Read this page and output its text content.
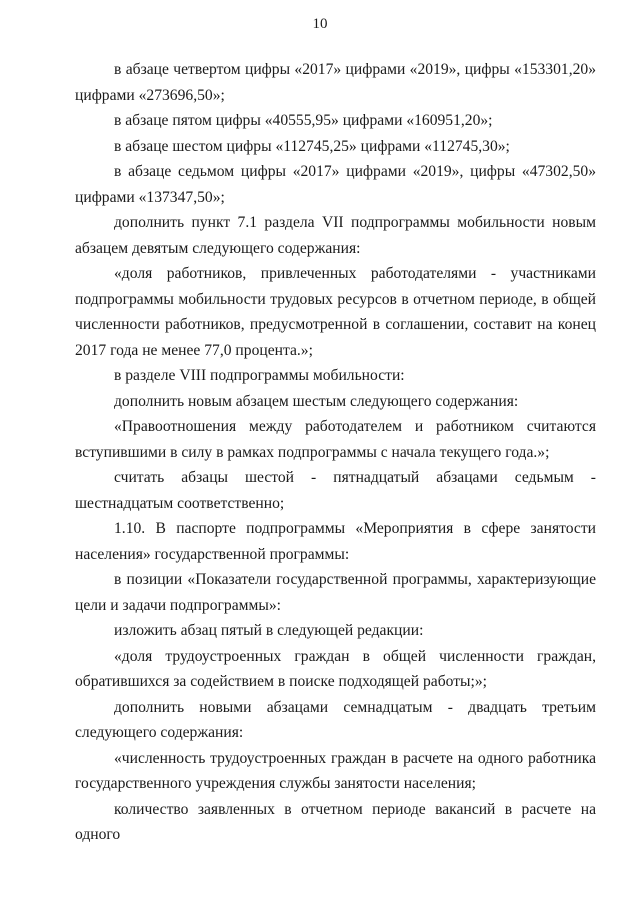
10

в абзаце четвертом цифры «2017» цифрами «2019», цифры «153301,20» цифрами «273696,50»;

в абзаце пятом цифры «40555,95» цифрами «160951,20»;

в абзаце шестом цифры «112745,25» цифрами «112745,30»;

в абзаце седьмом цифры «2017» цифрами «2019», цифры «47302,50» цифрами «137347,50»;

дополнить пункт 7.1 раздела VII подпрограммы мобильности новым абзацем девятым следующего содержания:

«доля работников, привлеченных работодателями - участниками подпрограммы мобильности трудовых ресурсов в отчетном периоде, в общей численности работников, предусмотренной в соглашении, составит на конец 2017 года не менее 77,0 процента.»;

в разделе VIII подпрограммы мобильности:

дополнить новым абзацем шестым следующего содержания:

«Правоотношения между работодателем и работником считаются вступившими в силу в рамках подпрограммы с начала текущего года.»;

считать абзацы шестой - пятнадцатый абзацами седьмым - шестнадцатым соответственно;

1.10. В паспорте подпрограммы «Мероприятия в сфере занятости населения» государственной программы:

в позиции «Показатели государственной программы, характеризующие цели и задачи подпрограммы»:

изложить абзац пятый в следующей редакции:

«доля трудоустроенных граждан в общей численности граждан, обратившихся за содействием в поиске подходящей работы;»;

дополнить новыми абзацами семнадцатым - двадцать третьим следующего содержания:

«численность трудоустроенных граждан в расчете на одного работника государственного учреждения службы занятости населения;

количество заявленных в отчетном периоде вакансий в расчете на одного
